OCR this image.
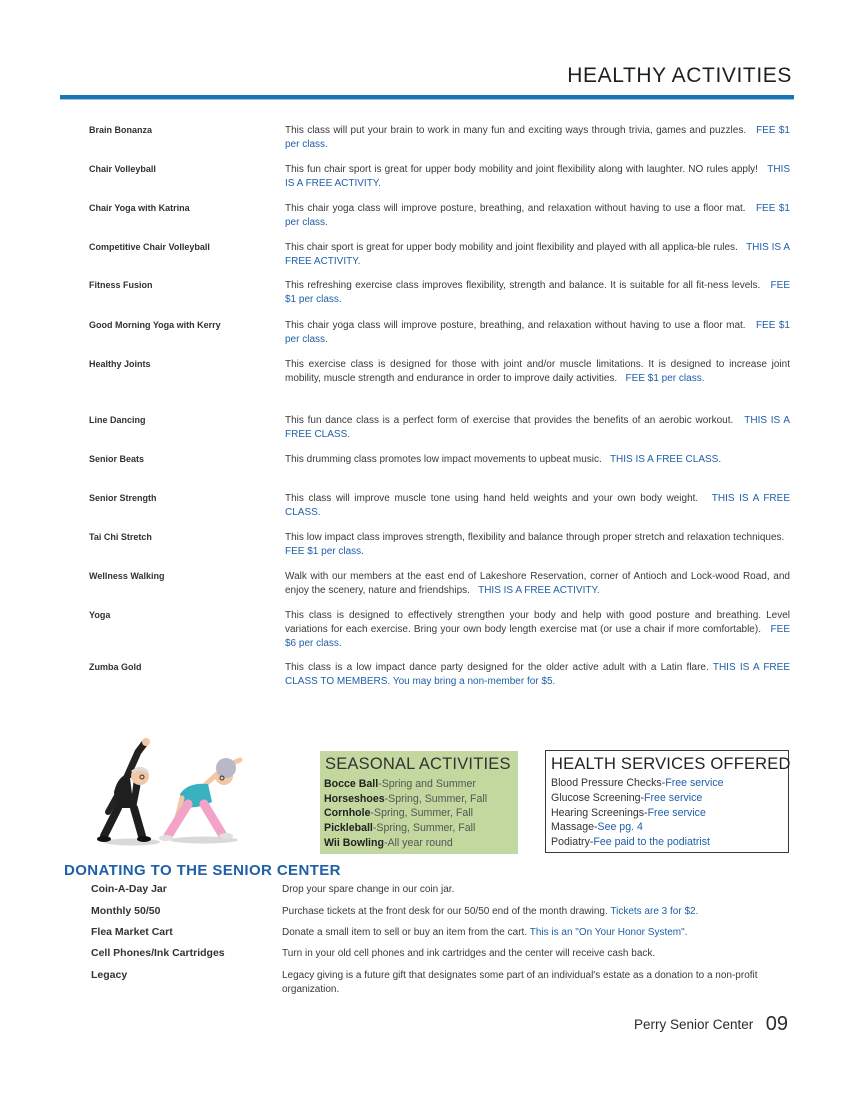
HEALTHY ACTIVITIES
Brain Bonanza	This class will put your brain to work in many fun and exciting ways through trivia, games and puzzles. FEE $1 per class.
Chair Volleyball	This fun chair sport is great for upper body mobility and joint flexibility along with laughter. NO rules apply! THIS IS A FREE ACTIVITY.
Chair Yoga with Katrina	This chair yoga class will improve posture, breathing, and relaxation without having to use a floor mat. FEE $1 per class.
Competitive Chair Volleyball	This chair sport is great for upper body mobility and joint flexibility and played with all applica-ble rules. THIS IS A FREE ACTIVITY.
Fitness Fusion	This refreshing exercise class improves flexibility, strength and balance. It is suitable for all fit-ness levels. FEE $1 per class.
Good Morning Yoga with Kerry	This chair yoga class will improve posture, breathing, and relaxation without having to use a floor mat. FEE $1 per class.
Healthy Joints	This exercise class is designed for those with joint and/or muscle limitations. It is designed to increase joint mobility, muscle strength and endurance in order to improve daily activities. FEE $1 per class.
Line Dancing	This fun dance class is a perfect form of exercise that provides the benefits of an aerobic workout. THIS IS A FREE CLASS.
Senior Beats	This drumming class promotes low impact movements to upbeat music. THIS IS A FREE CLASS.
Senior Strength	This class will improve muscle tone using hand held weights and your own body weight. THIS IS A FREE CLASS.
Tai Chi Stretch	This low impact class improves strength, flexibility and balance through proper stretch and relaxation techniques.   FEE $1 per class.
Wellness Walking	Walk with our members at the east end of Lakeshore Reservation, corner of Antioch and Lock-wood Road, and enjoy the scenery, nature and friendships. THIS IS A FREE ACTIVITY.
Yoga	This class is designed to effectively strengthen your body and help with good posture and breathing. Level variations for each exercise. Bring your own body length exercise mat (or use a chair if more comfortable). FEE $6 per class.
Zumba Gold	This class is a low impact dance party designed for the older active adult with a Latin flare. THIS IS A FREE CLASS TO MEMBERS. You may bring a non-member for $5.
SEASONAL ACTIVITIES
Bocce Ball-Spring and Summer
Horseshoes-Spring, Summer, Fall
Cornhole-Spring, Summer, Fall
Pickleball-Spring, Summer, Fall
Wii Bowling-All year round
HEALTH SERVICES OFFERED
Blood Pressure Checks-Free service
Glucose Screening-Free service
Hearing Screenings-Free service
Massage-See pg. 4
Podiatry-Fee paid to the podiatrist
DONATING TO THE SENIOR CENTER
Coin-A-Day Jar	Drop your spare change in our coin jar.
Monthly 50/50	Purchase tickets at the front desk for our 50/50 end of the month drawing. Tickets are 3 for $2.
Flea Market Cart	Donate a small item to sell or buy an item from the cart. This is an "On Your Honor System".
Cell Phones/Ink Cartridges	Turn in your old cell phones and ink cartridges and the center will receive cash back.
Legacy	Legacy giving is a future gift that designates some part of an individual's estate as a donation to a non-profit organization.
Perry Senior Center 09
